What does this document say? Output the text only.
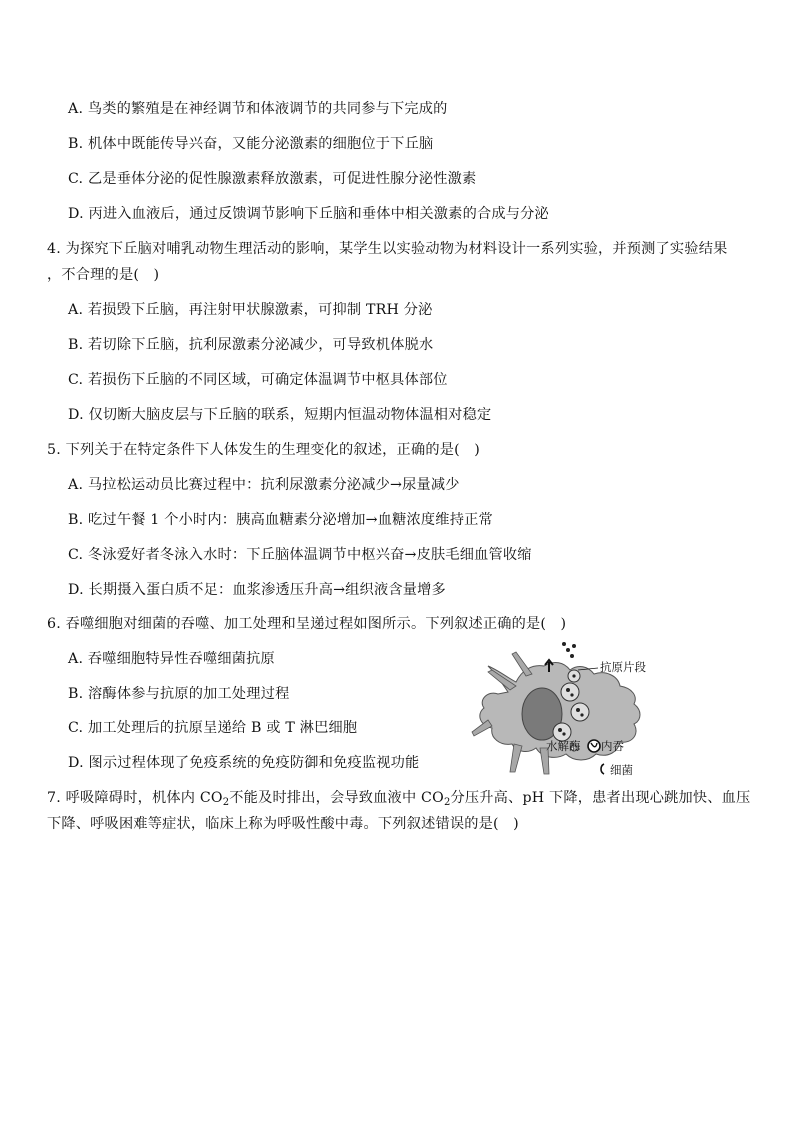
A. 鸟类的繁殖是在神经调节和体液调节的共同参与下完成的
B. 机体中既能传导兴奋，又能分泌激素的细胞位于下丘脑
C. 乙是垂体分泌的促性腺激素释放激素，可促进性腺分泌性激素
D. 丙进入血液后，通过反馈调节影响下丘脑和垂体中相关激素的合成与分泌
4. 为探究下丘脑对哺乳动物生理活动的影响，某学生以实验动物为材料设计一系列实验，并预测了实验结果
，不合理的是(　)
A. 若损毁下丘脑，再注射甲状腺激素，可抑制 TRH 分泌
B. 若切除下丘脑，抗利尿激素分泌减少，可导致机体脱水
C. 若损伤下丘脑的不同区域，可确定体温调节中枢具体部位
D. 仅切断大脑皮层与下丘脑的联系，短期内恒温动物体温相对稳定
5. 下列关于在特定条件下人体发生的生理变化的叙述，正确的是(　)
A. 马拉松运动员比赛过程中：抗利尿激素分泌减少→尿量减少
B. 吃过午餐 1 个小时内：胰高血糖素分泌增加→血糖浓度维持正常
C. 冬泳爱好者冬泳入水时：下丘脑体温调节中枢兴奋→皮肤毛细血管收缩
D. 长期摄入蛋白质不足：血浆渗透压升高→组织液含量增多
6. 吞噬细胞对细菌的吞噬、加工处理和呈递过程如图所示。下列叙述正确的是(　)
A. 吞噬细胞特异性吞噬细菌抗原
B. 溶酶体参与抗原的加工处理过程
C. 加工处理后的抗原呈递给 B 或 T 淋巴细胞
D. 图示过程体现了免疫系统的免疫防御和免疫监视功能
抗原片段
水解酶 内吞
细菌
7. 呼吸障碍时，机体内 $CO_2$不能及时排出，会导致血液中 $CO_2$分压升高、pH 下降，患者出现心跳加快、血压
下降、呼吸困难等症状，临床上称为呼吸性酸中毒。下列叙述错误的是(　)
